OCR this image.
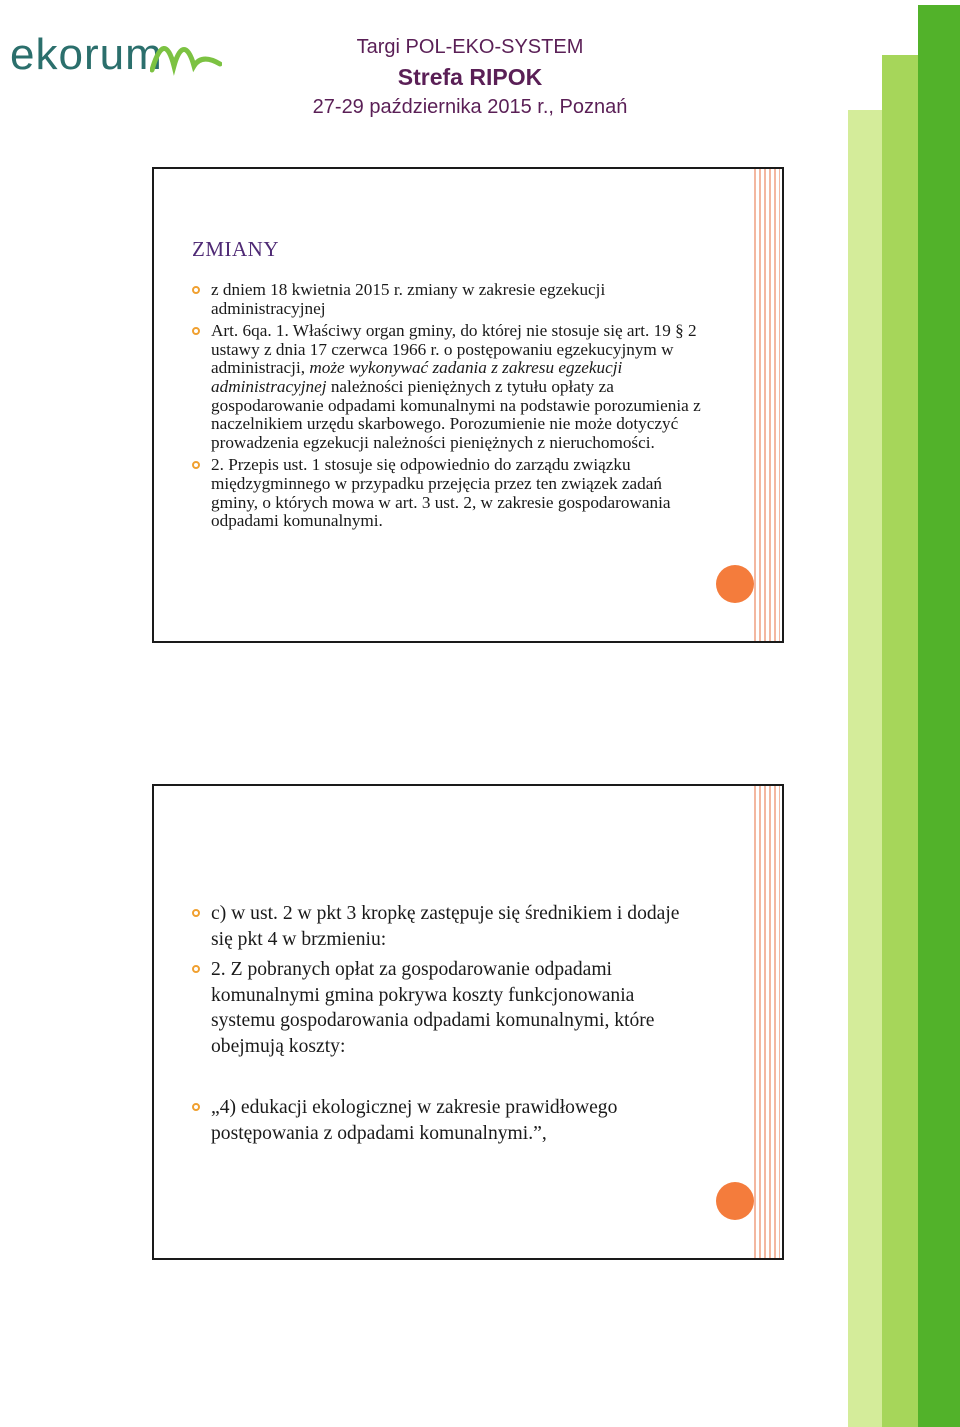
ekorum	Targi POL-EKO-SYSTEM
Strefa RIPOK
27-29 października 2015 r., Poznań
ZMIANY
z dniem 18 kwietnia 2015 r. zmiany w zakresie egzekucji administracyjnej
Art. 6qa. 1. Właściwy organ gminy, do której nie stosuje się art. 19 § 2 ustawy z dnia 17 czerwca 1966 r. o postępowaniu egzekucyjnym w administracji, może wykonywać zadania z zakresu egzekucji administracyjnej należności pieniężnych z tytułu opłaty za gospodarowanie odpadami komunalnymi na podstawie porozumienia z naczelnikiem urzędu skarbowego. Porozumienie nie może dotyczyć prowadzenia egzekucji należności pieniężnych z nieruchomości.
2. Przepis ust. 1 stosuje się odpowiednio do zarządu związku międzygminnego w przypadku przejęcia przez ten związek zadań gminy, o których mowa w art. 3 ust. 2, w zakresie gospodarowania odpadami komunalnymi.
c) w ust. 2 w pkt 3 kropkę zastępuje się średnikiem i dodaje się pkt 4 w brzmieniu:
2. Z pobranych opłat za gospodarowanie odpadami komunalnymi gmina pokrywa koszty funkcjonowania systemu gospodarowania odpadami komunalnymi, które obejmują koszty:
„4) edukacji ekologicznej w zakresie prawidłowego postępowania z odpadami komunalnymi.”,
